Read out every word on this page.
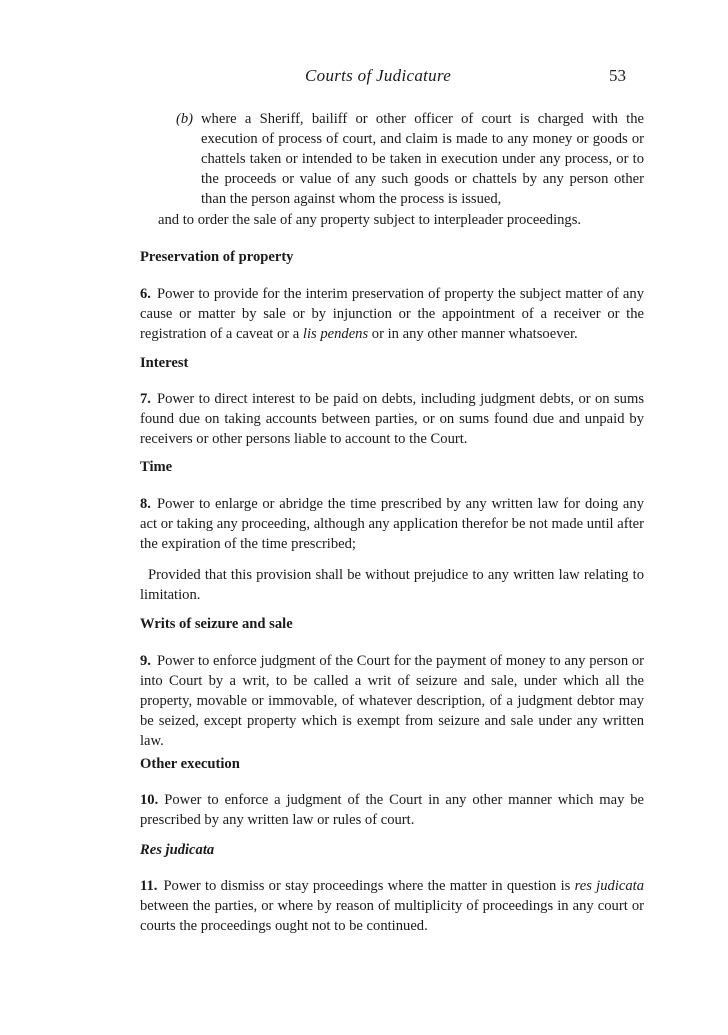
Courts of Judicature	53
(b) where a Sheriff, bailiff or other officer of court is charged with the execution of process of court, and claim is made to any money or goods or chattels taken or intended to be taken in execution under any process, or to the proceeds or value of any such goods or chattels by any person other than the person against whom the process is issued,

and to order the sale of any property subject to interpleader proceedings.

Preservation of property

6. Power to provide for the interim preservation of property the subject matter of any cause or matter by sale or by injunction or the appointment of a receiver or the registration of a caveat or a lis pendens or in any other manner whatsoever.

Interest

7. Power to direct interest to be paid on debts, including judgment debts, or on sums found due on taking accounts between parties, or on sums found due and unpaid by receivers or other persons liable to account to the Court.

Time

8. Power to enlarge or abridge the time prescribed by any written law for doing any act or taking any proceeding, although any application therefor be not made until after the expiration of the time prescribed;

Provided that this provision shall be without prejudice to any written law relating to limitation.

Writs of seizure and sale

9. Power to enforce judgment of the Court for the payment of money to any person or into Court by a writ, to be called a writ of seizure and sale, under which all the property, movable or immovable, of whatever description, of a judgment debtor may be seized, except property which is exempt from seizure and sale under any written law.

Other execution

10. Power to enforce a judgment of the Court in any other manner which may be prescribed by any written law or rules of court.

Res judicata

11. Power to dismiss or stay proceedings where the matter in question is res judicata between the parties, or where by reason of multiplicity of proceedings in any court or courts the proceedings ought not to be continued.
